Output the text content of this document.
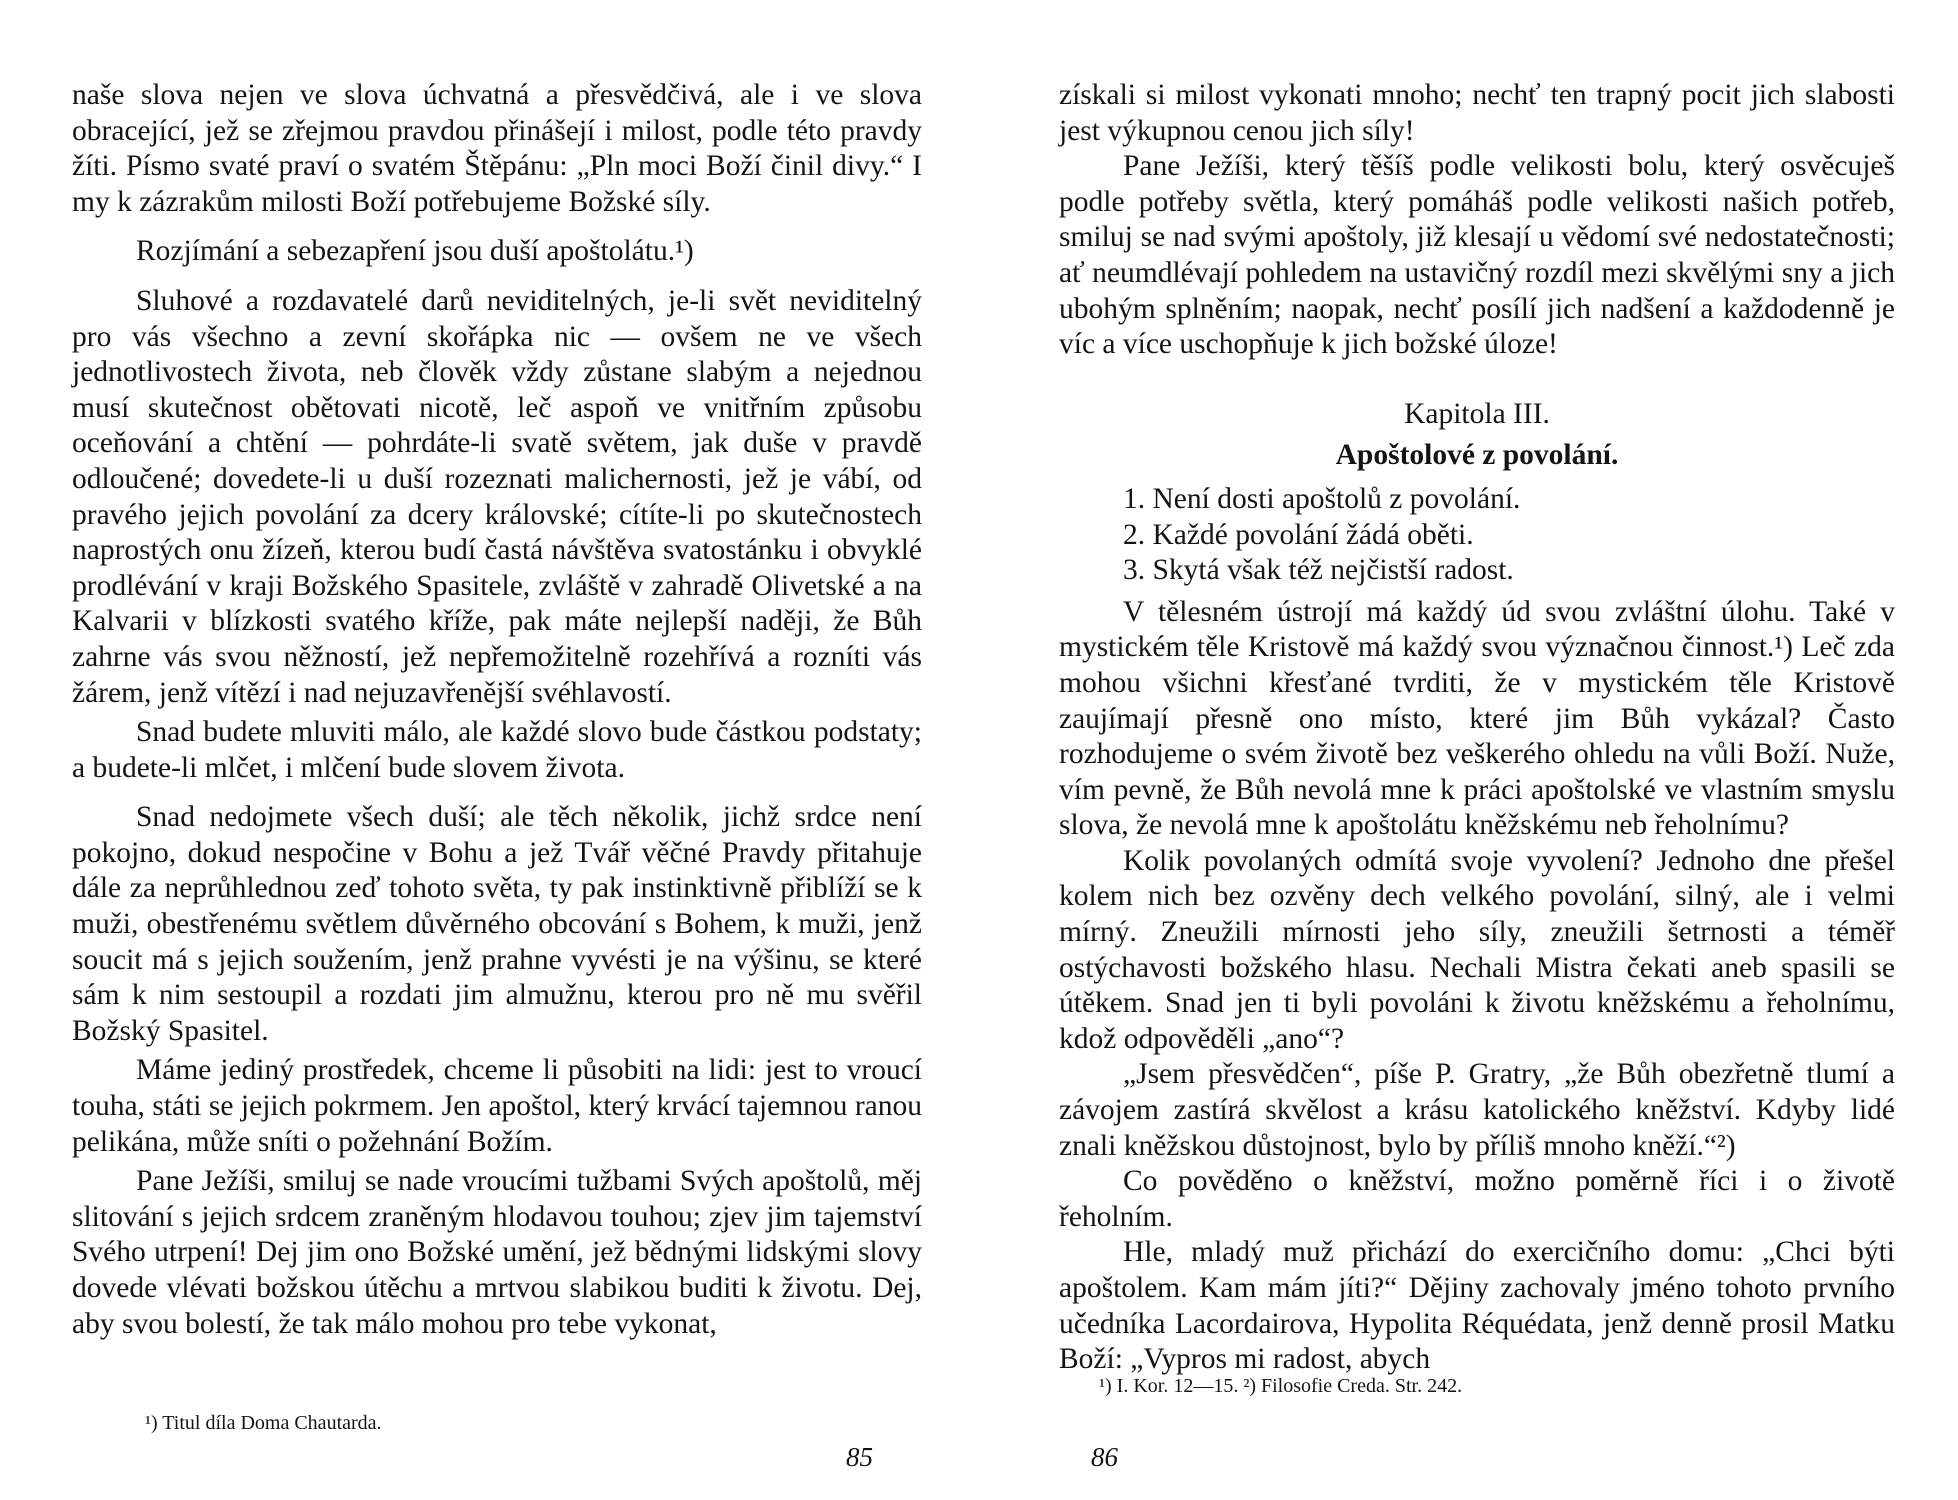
naše slova nejen ve slova úchvatná a přesvědčivá, ale i ve slova obracející, jež se zřejmou pravdou přinášejí i milost, podle této pravdy žíti. Písmo svaté praví o svatém Štěpánu: „Pln moci Boží činil divy.“ I my k zázrakům milosti Boží potřebujeme Božské síly.

Rozjímání a sebezapření jsou duší apoštolátu.¹)

Sluhové a rozdavatelé darů neviditelných, je-li svět neviditelný pro vás všechno a zevní skořápka nic — ovšem ne ve všech jednotlivostech života, neb člověk vždy zůstane slabým a nejednou musí skutečnost obětovati nicotě, leč aspoň ve vnitřním způsobu oceňování a chtění — pohrdáte-li svatě světem, jak duše v pravdě odloučené; dovedete-li u duší rozeznati malichernosti, jež je vábí, od pravého jejich povolání za dcery královské; cítíte-li po skutečnostech naprostých onu žízeň, kterou budí častá návštěva svatostánku i obvyklé prodlévání v kraji Božského Spasitele, zvláště v zahradě Olivetské a na Kalvarii v blízkosti svatého kříže, pak máte nejlepší naději, že Bůh zahrne vás svou něžností, jež nepřemožitelně rozehřívá a rozníti vás žárem, jenž vítězí i nad nejuzavřenější svéhlavostí.

Snad budete mluviti málo, ale každé slovo bude částkou podstaty; a budete-li mlčet, i mlčení bude slovem života.

Snad nedojmete všech duší; ale těch několik, jichž srdce není pokojno, dokud nespočine v Bohu a jež Tvář věčné Pravdy přitahuje dále za neprůhlednou zeď tohoto světa, ty pak instinktivně přiblíží se k muži, obestřenému světlem důvěrného obcování s Bohem, k muži, jenž soucit má s jejich soužením, jenž prahne vyvésti je na výšinu, se které sám k nim sestoupil a rozdati jim almužnu, kterou pro ně mu svěřil Božský Spasitel.

Máme jediný prostředek, chceme li působiti na lidi: jest to vroucí touha, státi se jejich pokrmem. Jen apoštol, který krvácí tajemnou ranou pelikána, může sníti o požehnání Božím.

Pane Ježíši, smiluj se nade vroucími tužbami Svých apoštolů, měj slitování s jejich srdcem zraněným hlodavou touhou; zjev jim tajemství Svého utrpení! Dej jim ono Božské umění, jež bědnými lidskými slovy dovede vlévati božskou útěchu a mrtvou slabikou buditi k životu. Dej, aby svou bolestí, že tak málo mohou pro tebe vykonat,

¹) Titul díla Doma Chautarda.
85

získali si milost vykonati mnoho; nechť ten trapný pocit jich slabosti jest výkupnou cenou jich síly!

Pane Ježíši, který těšíš podle velikosti bolu, který osvěcuješ podle potřeby světla, který pomáháš podle velikosti našich potřeb, smiluj se nad svými apoštoly, již klesají u vědomí své nedostatečnosti; ať neumdlévají pohledem na ustavičný rozdíl mezi skvělými sny a jich ubohým splněním; naopak, nechť posílí jich nadšení a každodenně je víc a více uschopňuje k jich božské úloze!

Kapitola III.
Apoštolové z povolání.
1. Není dosti apoštolů z povolání.
2. Každé povolání žádá oběti.
3. Skytá však též nejčistší radost.

V tělesném ústrojí má každý úd svou zvláštní úlohu. Také v mystickém těle Kristově má každý svou význačnou činnost.¹) Leč zda mohou všichni křesťané tvrditi, že v mystickém těle Kristově zaujímají přesně ono místo, které jim Bůh vykázal? Často rozhodujeme o svém životě bez veškerého ohledu na vůli Boží. Nuže, vím pevně, že Bůh nevolá mne k práci apoštolské ve vlastním smyslu slova, že nevolá mne k apoštolátu kněžskému neb řeholnímu?

Kolik povolaných odmítá svoje vyvolení? Jednoho dne přešel kolem nich bez ozvěny dech velkého povolání, silný, ale i velmi mírný. Zneužili mírnosti jeho síly, zneužili šetrnosti a téměř ostýchavosti božského hlasu. Nechali Mistra čekati aneb spasili se útěkem. Snad jen ti byli povoláni k životu kněžskému a řeholnímu, kdož odpověděli „ano“?

„Jsem přesvědčen“, píše P. Gratry, „že Bůh obezřetně tlumí a závojem zastírá skvělost a krásu katolického kněžství. Kdyby lidé znali kněžskou důstojnost, bylo by příliš mnoho kněží.“²)

Co pověděno o kněžství, možno poměrně říci i o životě řeholním.

Hle, mladý muž přichází do exercičního domu: „Chci býti apoštolem. Kam mám jíti?“ Dějiny zachovaly jméno tohoto prvního učedníka Lacordairova, Hypolita Réquédata, jenž denně prosil Matku Boží: „Vypros mi radost, abych

¹) I. Kor. 12—15. ²) Filosofie Creda. Str. 242.
86
